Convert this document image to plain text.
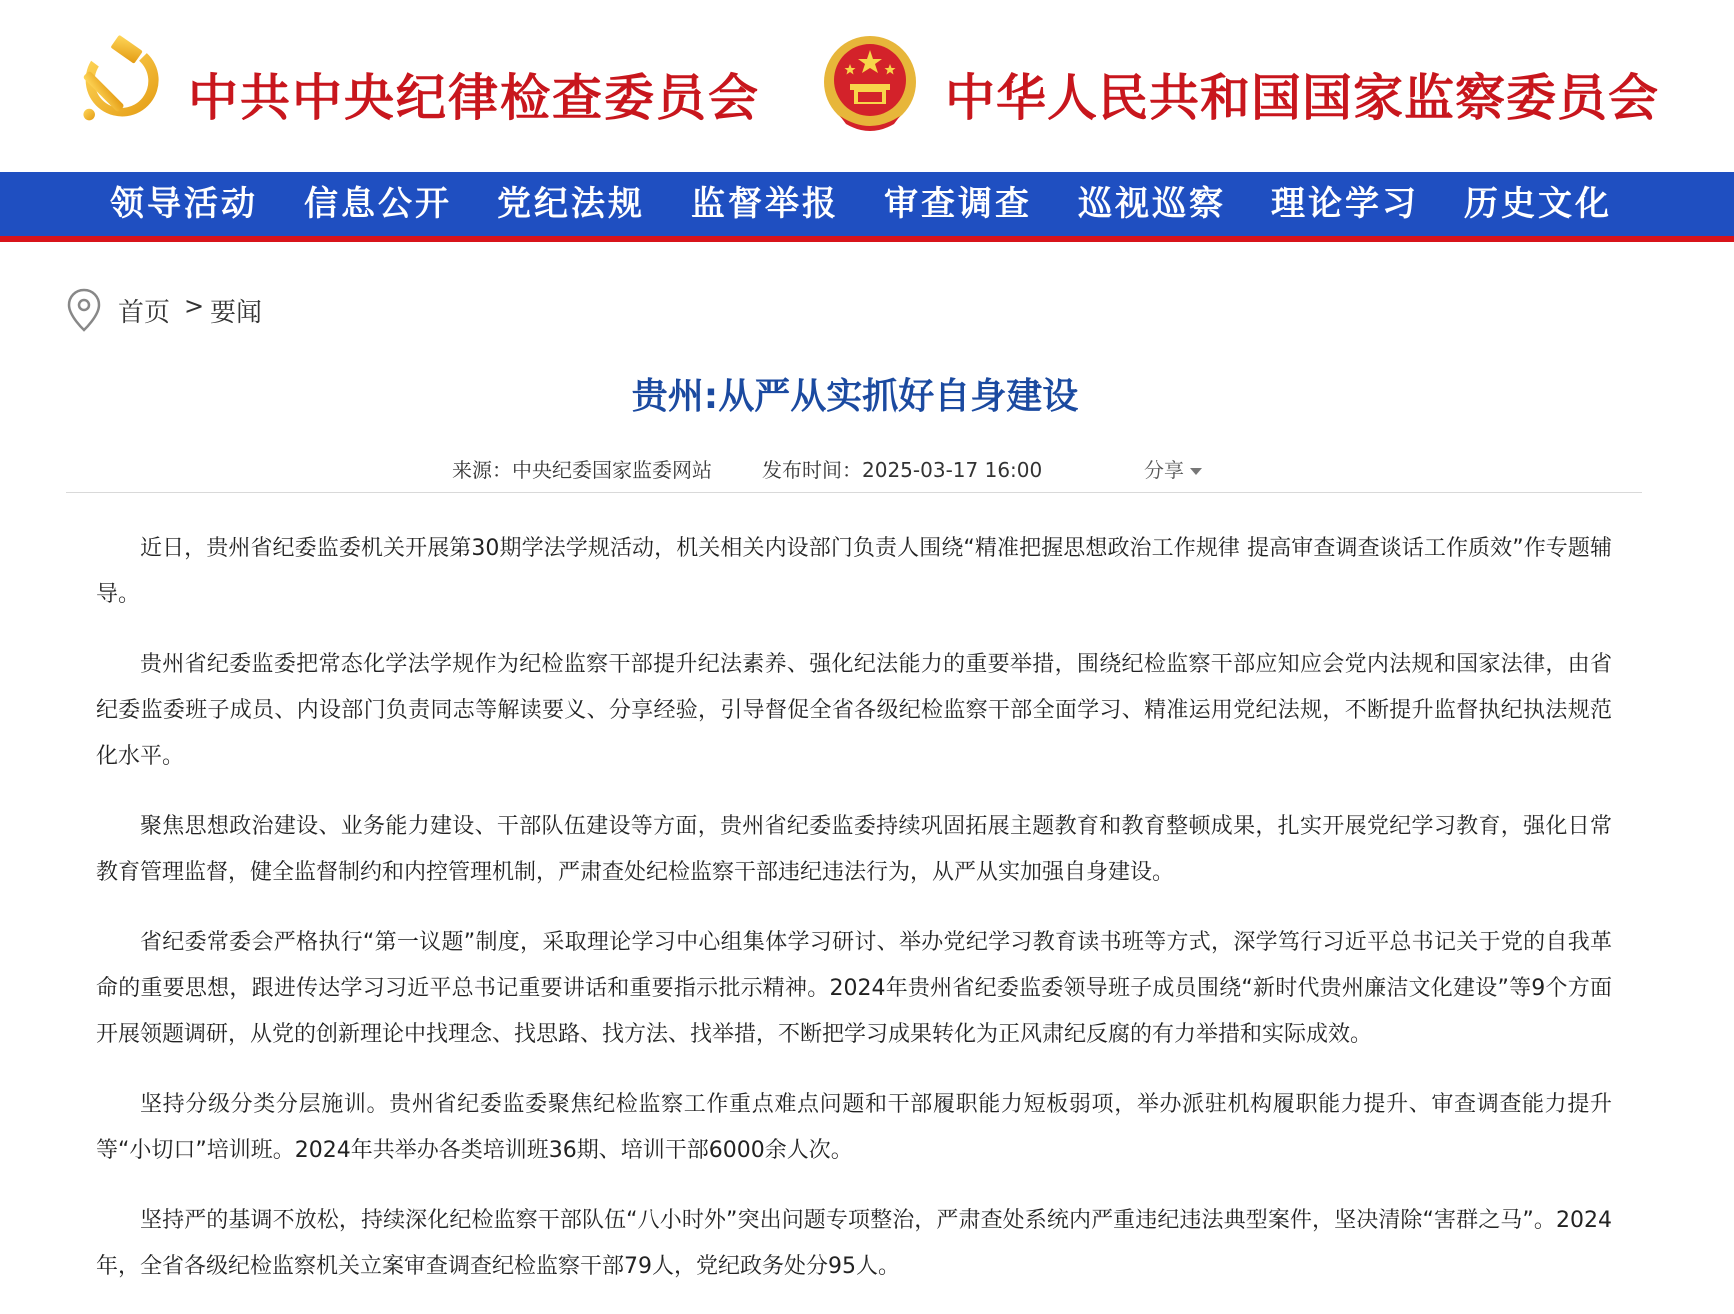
中共中央纪律检查委员会	中华人民共和国国家监察委员会
领导活动 信息公开 党纪法规 监督举报 审查调查 巡视巡察 理论学习 历史文化
首页 > 要闻
贵州:从严从实抓好自身建设
来源：中央纪委国家监委网站	发布时间：2025-03-17 16:00	分享

近日，贵州省纪委监委机关开展第30期学法学规活动，机关相关内设部门负责人围绕“精准把握思想政治工作规律 提高审查调查谈话工作质效”作专题辅导。

贵州省纪委监委把常态化学法学规作为纪检监察干部提升纪法素养、强化纪法能力的重要举措，围绕纪检监察干部应知应会党内法规和国家法律，由省纪委监委班子成员、内设部门负责同志等解读要义、分享经验，引导督促全省各级纪检监察干部全面学习、精准运用党纪法规，不断提升监督执纪执法规范化水平。

聚焦思想政治建设、业务能力建设、干部队伍建设等方面，贵州省纪委监委持续巩固拓展主题教育和教育整顿成果，扎实开展党纪学习教育，强化日常教育管理监督，健全监督制约和内控管理机制，严肃查处纪检监察干部违纪违法行为，从严从实加强自身建设。

省纪委常委会严格执行“第一议题”制度，采取理论学习中心组集体学习研讨、举办党纪学习教育读书班等方式，深学笃行习近平总书记关于党的自我革命的重要思想，跟进传达学习习近平总书记重要讲话和重要指示批示精神。2024年贵州省纪委监委领导班子成员围绕“新时代贵州廉洁文化建设”等9个方面开展领题调研，从党的创新理论中找理念、找思路、找方法、找举措，不断把学习成果转化为正风肃纪反腐的有力举措和实际成效。

坚持分级分类分层施训。贵州省纪委监委聚焦纪检监察工作重点难点问题和干部履职能力短板弱项，举办派驻机构履职能力提升、审查调查能力提升等“小切口”培训班。2024年共举办各类培训班36期、培训干部6000余人次。

坚持严的基调不放松，持续深化纪检监察干部队伍“八小时外”突出问题专项整治，严肃查处系统内严重违纪违法典型案件，坚决清除“害群之马”。2024年，全省各级纪检监察机关立案审查调查纪检监察干部79人，党纪政务处分95人。
